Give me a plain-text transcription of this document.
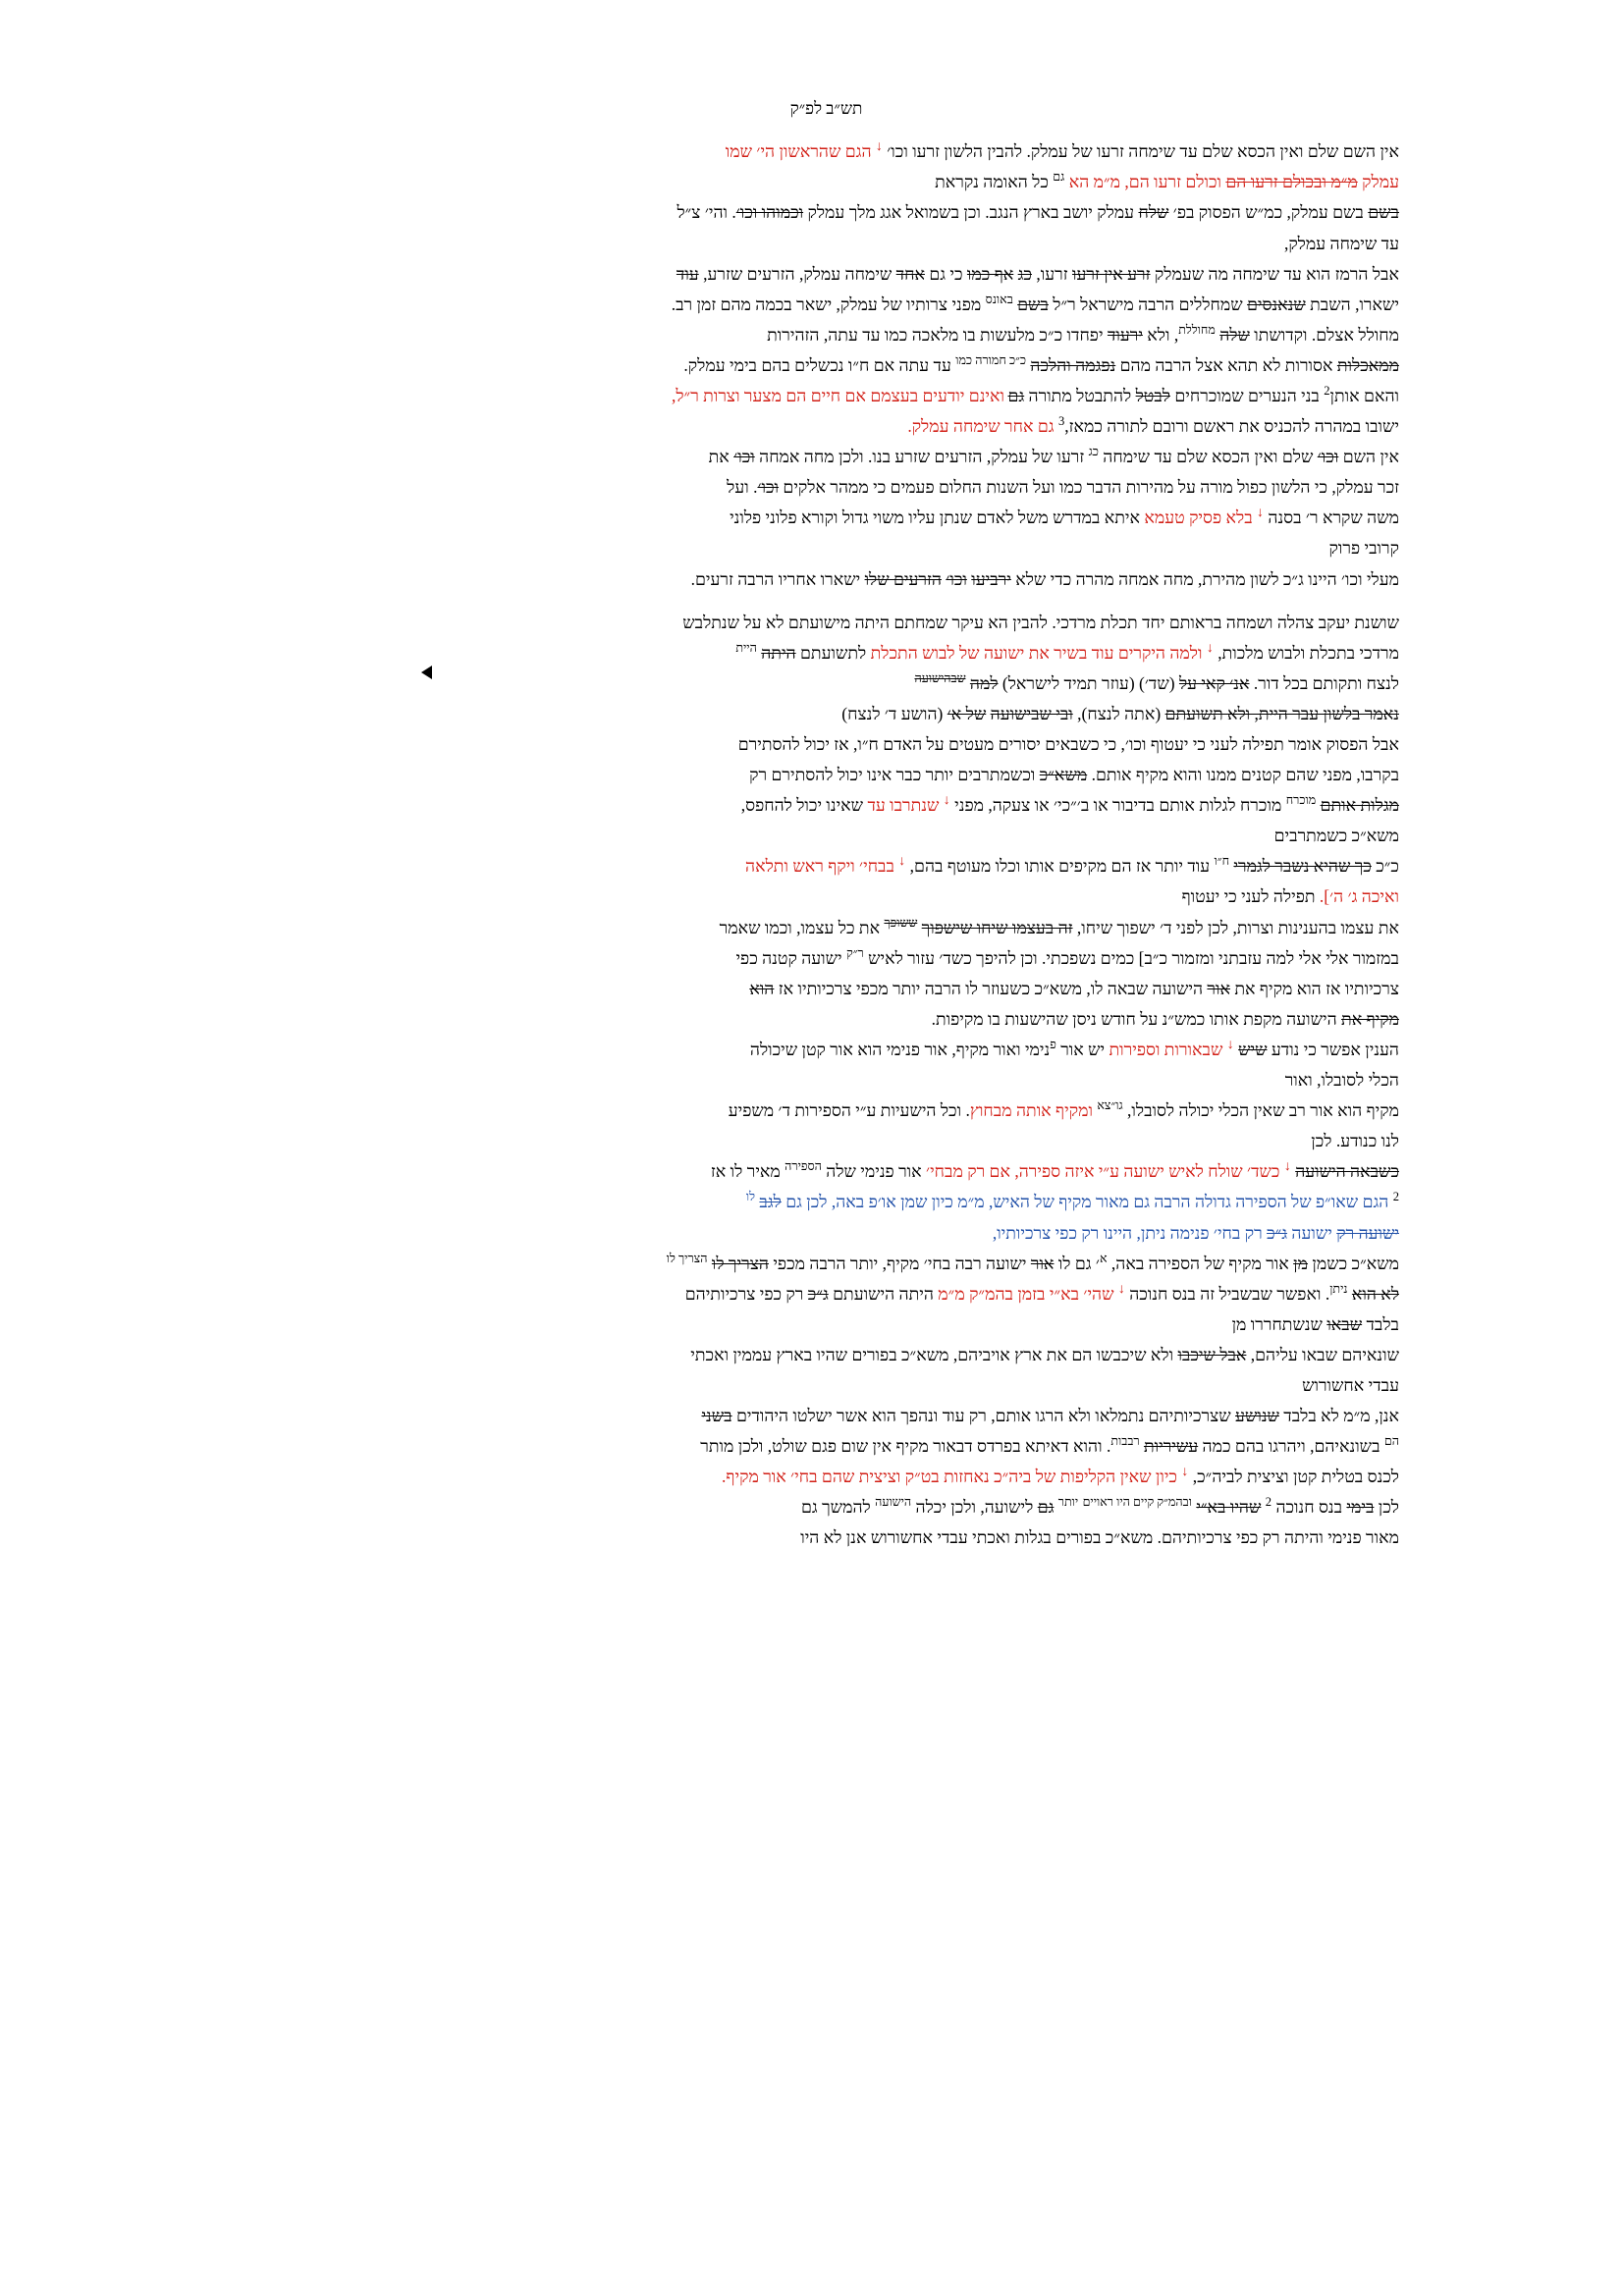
תש״ב לפ״ק

אין השם שלם ואין הכסא שלם עד שימחה זרעו של עמלק. להבין הלשון זרעו וכו׳ ↓ הגם שהראשון הי׳ שמו

עמלק מ״מ ובכולם זרעו הם וכולם זרעו הם, מ״מ הא $^{גם}$ כל האומה נקראת

בשם בשם עמלק, כמ״ש הפסוק בפ׳ שלח עמלק יושב בארץ הנגב. וכן בשמואל אגג מלך עמלק וכמוהו וכו׳. והי׳ צ״ל

עד שימחה עמלק,

אבל הרמז הוא עד שימחה מה שעמלק זרע אין זרעו זרעו, כג אף כמו כי גם אחד שימחה עמלק, הזרעים שזרע, עוד

ישארו, השבת שנאנסים שמחללים הרבה מישראל ר״ל בשם $^{באונס}$ מפני צרותיו של עמלק, ישאר בכמה מהם זמן רב.

מחולל אצלם. וקדושתו שלה $^{מחוללת}$, ולא ירעוד יפחדו כ״כ מלעשות בו מלאכה כמו עד עתה, הזהירות

ממאכלות אסורות לא תהא אצל הרבה מהם נפגמה והלכה $^{כ״כ חמורה כמו}$ עד עתה אם ח״ו נכשלים בהם בימי עמלק.

והאם אותן$^2$ בני הנערים שמוכרחים לבטל להתבטל מתורה גם ואינם יודעים בעצמם אם חיים הם מצער וצרות ר״ל,

ישובו במהרה להכניס את ראשם ורובם לתורה כמאז,$^3$ גם אחר שימחה עמלק.

אין השם וכו׳ שלם ואין הכסא שלם עד שימחה $^{כג}$ זרעו של עמלק, הזרעים שזרע בנו. ולכן מחה אמחה וכו׳ את

זכר עמלק, כי הלשון כפול מורה על מהירות הדבר כמו ועל השנות החלום פעמים כי ממהר אלקים וכו׳. ועל

משה שקרא ר׳ בסנה ↓ בלא פסיק טעמא איתא במדרש משל לאדם שנתן עליו משוי גדול וקורא פלוני פלוני

קרובי פרוק

מעלי וכו׳ היינו ג״כ לשון מהירת, מחה אמחה מהרה כדי שלא ירביעו וכו׳ הזרעים שלו ישארו אחריו הרבה זרעים.

שושנת יעקב צהלה ושמחה בראותם יחד תכלת מרדכי. להבין הא עיקר שמחתם היתה מישועתם לא על שנתלבש

מרדכי בתכלת ולבוש מלכות, ↓ ולמה היקרים עוד בשיר את ישועה של לבוש התכלת לתשועתם היתה $^{היית}$

לנצח ותקותם בכל דור. אנ׳ קאי על (שד׳) (עוזר תמיד לישראל) למה $^{שבהישועה}$

נאמר בלשון עבר היית, ולא תשועתם (אתה לנצח), ובי שבישועה של א׳ (הושע ד׳ לנצח)

אבל הפסוק אומר תפילה לעני כי יעטוף וכו׳, כי כשבאים יסורים מעטים על האדם ח״ו, אז יכול להסתירם

בקרבו, מפני שהם קטנים ממנו והוא מקיף אותם. משא״כ וכשמתרבים יותר כבר אינו יכול להסתירם רק

מגלות אותם $^{מוכרח}$ מוכרח לגלות אותם בדיבור או ב׳״כי׳ או צעקה, מפני ↓ שנתרבו עד שאינו יכול להחפס,

משא״כ כשמתרבים

כ״כ כך שהיא נשבר לגמרי $^{ח״ו}$ עוד יותר אז הם מקיפים אותו וכלו מעוטף בהם, ↓ בבחי׳ ויקף ראש ותלאה

ואיכה ג׳ ה׳]. תפילה לעני כי יעטוף

את עצמו בהענינות וצרות, לכן לפני ד׳ ישפוך שיחו, זה בעצמו שיחו שישפוך $^{ששופך}$ את כל עצמו, וכמו שאמר

במזמור אלי אלי למה עזבתני ומזמור כ״ב] כמים נשפכתי. וכן להיפך כשד׳ עזור לאיש $^{ר״ק}$ ישועה קטנה כפי

צרכיותיו אז הוא מקיף את אור הישועה שבאה לו, משא״כ כשעוזר לו הרבה יותר מכפי צרכיותיו אז הוא

מקיף את הישועה מקפת אותו כמש״נ על חודש ניסן שהישעות בו מקיפות.

הענין אפשר כי נודע שיש ↓ שבאורות וספירות יש אור $^פ$נימי ואור מקיף, אור פנימי הוא אור קטן שיכולה

הכלי לסובלו, ואור

מקיף הוא אור רב שאין הכלי יכולה לסובלו, $^{גו״צא}$ ומקיף אותה מבחוץ. וכל הישעיות ע״י הספירות ד׳ משפיע

לנו כנודע. לכן

כשבאה הישועה ↓ כשד׳ שולח לאיש ישועה ע״י איזה ספירה, אם רק מבחי׳ אור פנימי שלה $^{הספירה}$ מאיר לו אז

$^2$ הגם שאו״פ של הספירה גדולה הרבה גם מאור מקיף של האיש, מ״מ כיון שמן או׳פ באה, לכן גם לגב $^{לו}$

ישועה רק ישועה ג״כ רק בחי׳ פנימה ניתן, היינו רק כפי צרכיותיו,

משא״כ כשמן מן אור מקיף של הספירה באה, $^א$׳ גם לו אור ישועה רבה בחי׳ מקיף, יותר הרבה מכפי הצריך לו $^{הצריך לו}$

לא הוא $^{ניתן}$. ואפשר שבשביל זה בנס חנוכה ↓ שהי׳ בא״י בזמן בהמ״ק מ״מ היתה הישועתם ג״כ רק כפי צרכיותיהם

בלבד שבאו שנשתחררו מן

שונאיהם שבאו עליהם, אבל שיכבו ולא שיכבשו הם את ארץ אויביהם, משא״כ בפורים שהיו בארץ עממין ואכתי

עבדי אחשורוש

אנן, מ״מ לא בלבד שנושע שצרכיותיהם נתמלאו ולא הרגו אותם, רק עוד ונהפך הוא אשר ישלטו היהודים בשני

$^{הם}$ בשונאיהם, ויהרגו בהם כמה עשיריות $^{רבבות}$. והוא דאיתא בפרדס דבאור מקיף אין שום פגם שולט, ולכן מותר

לכנס בטלית קטן וציצית לביה״כ, ↓ כיון שאין הקליפות של ביה״כ נאחזות בט״ק וציצית שהם בחי׳ אור מקיף.

לכן בימי בנס חנוכה $^2$ שהיו בא״י $^{ובהמ״ק קיים היו ראויים}$ $^{יותר}$ גם לישועה, ולכן יכלה $^{הישועה}$ להמשך גם

מאור פנימי והיתה רק כפי צרכיותיהם. משא״כ בפורים בגלות ואכתי עבדי אחשורוש אנן לא היו
